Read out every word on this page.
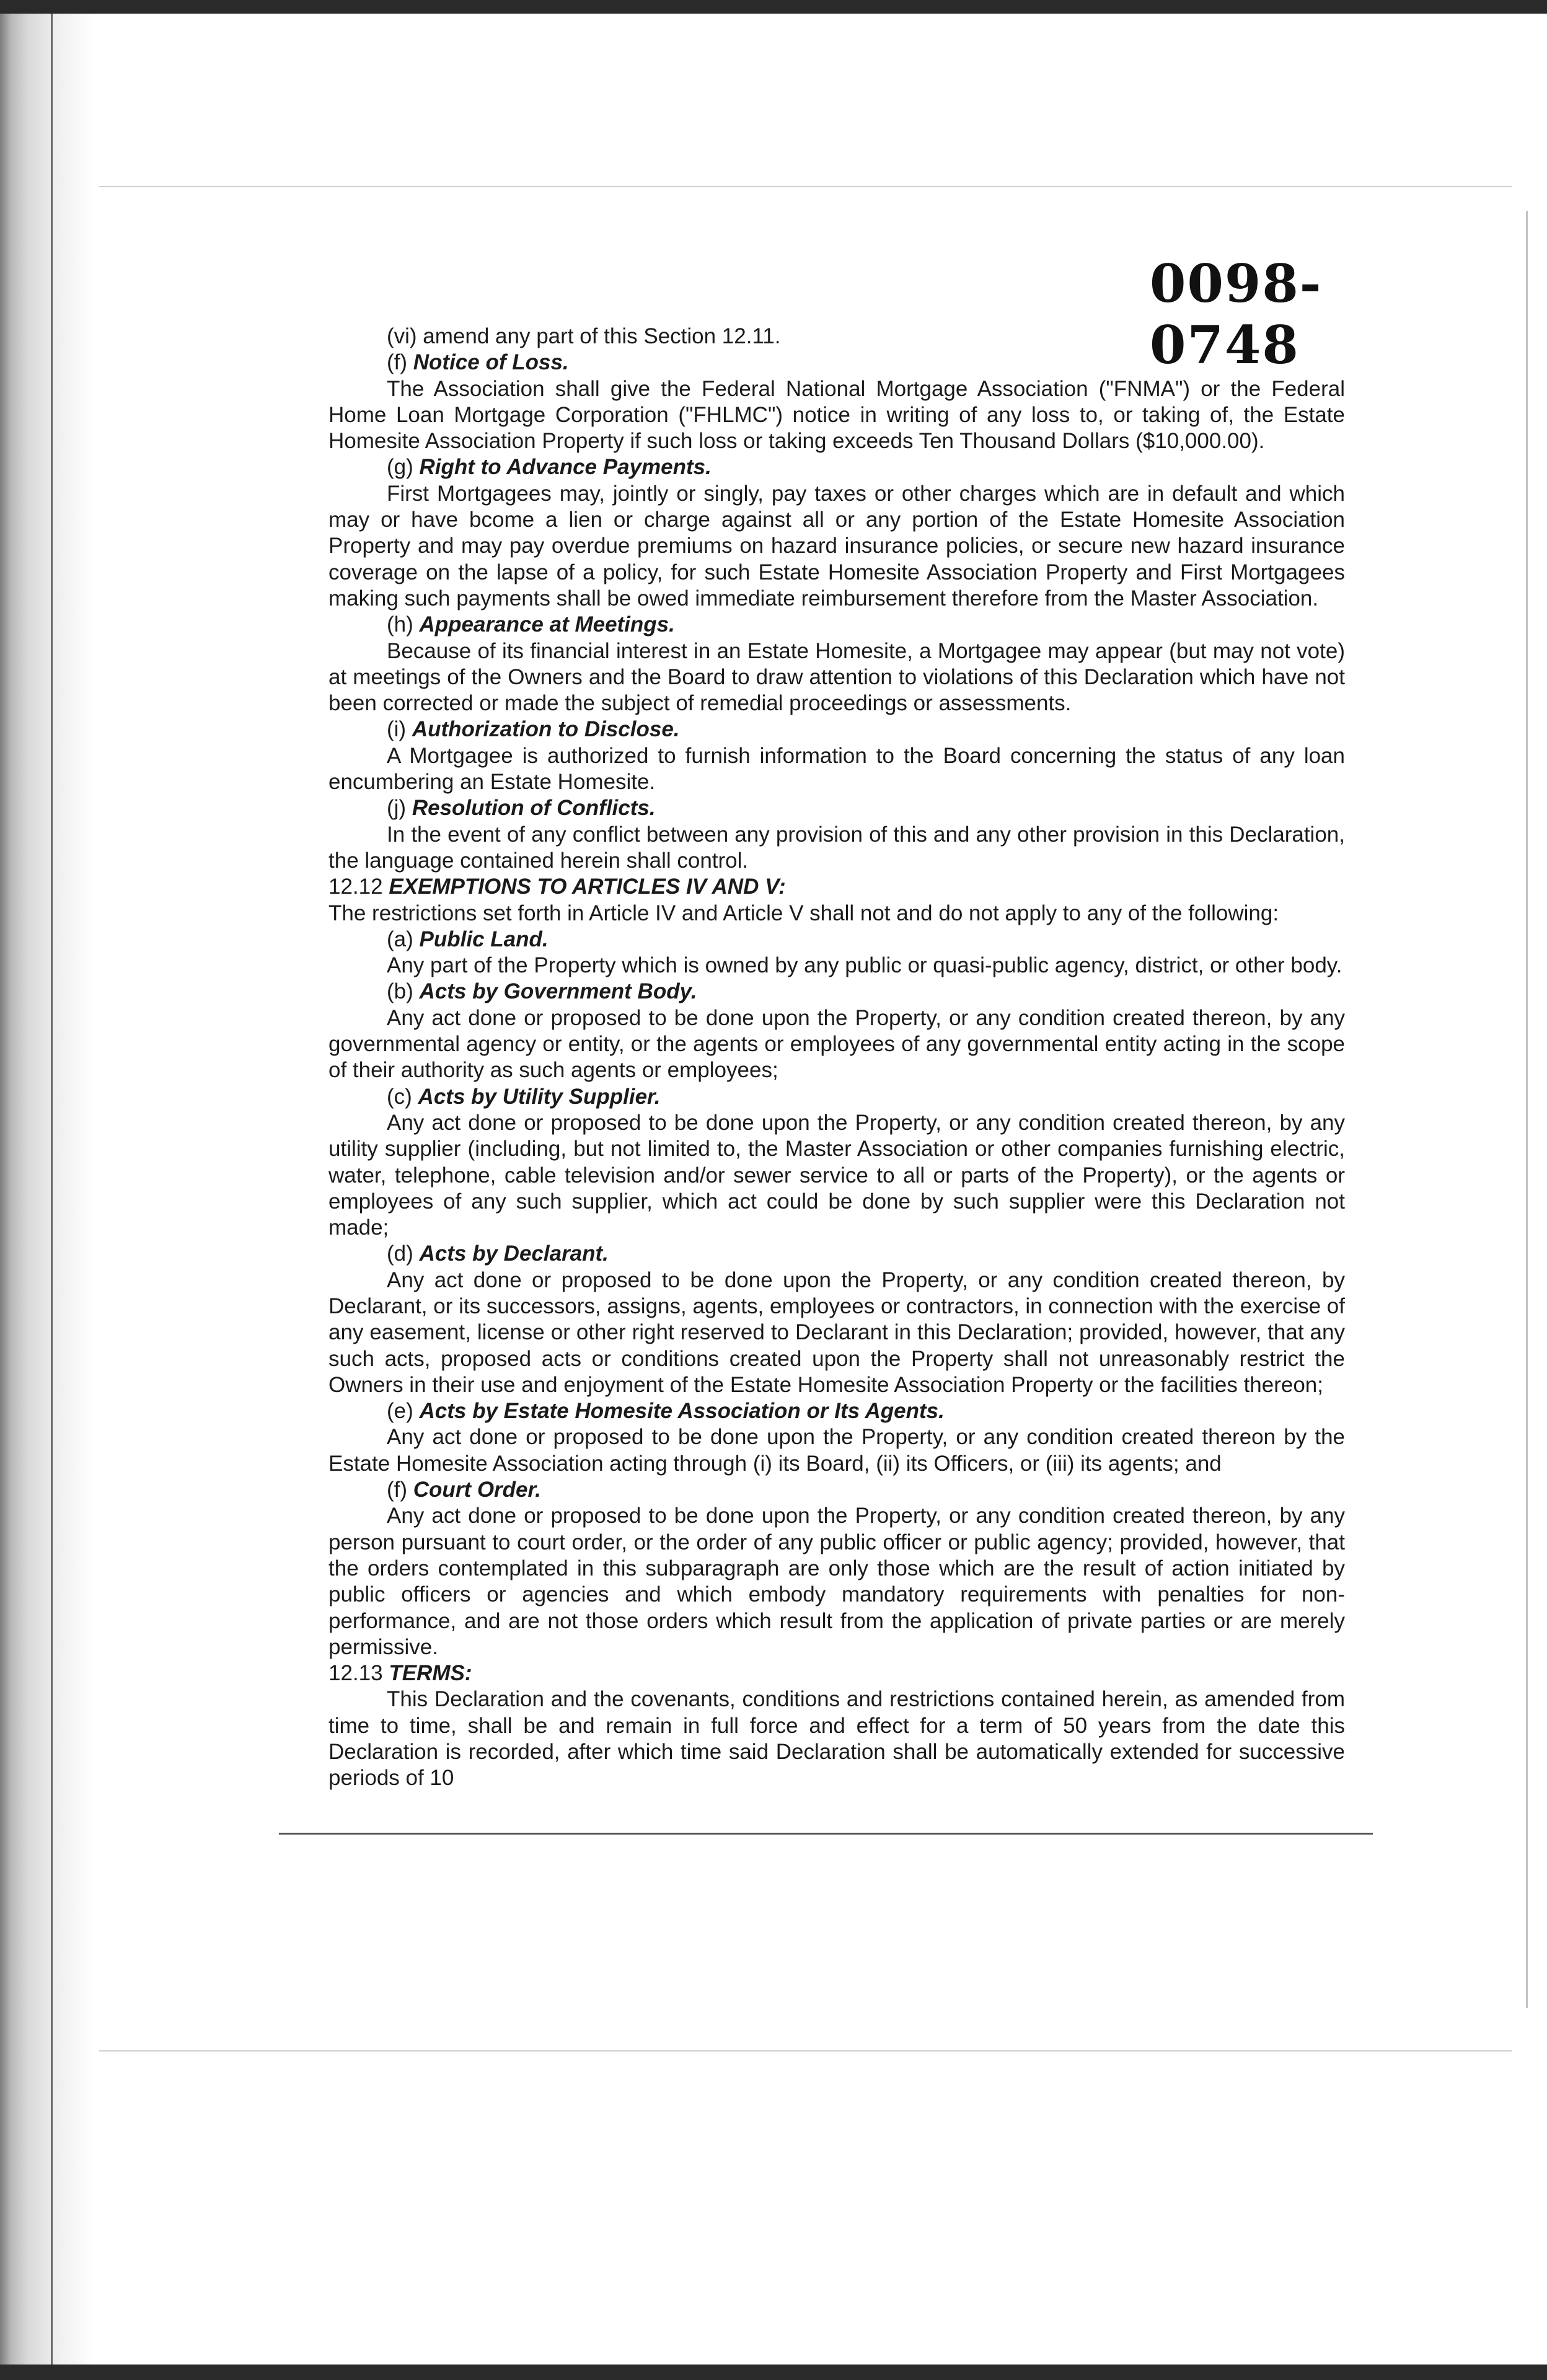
0098-0748

(vi) amend any part of this Section 12.11.

(f) Notice of Loss.

The Association shall give the Federal National Mortgage Association ("FNMA") or the Federal Home Loan Mortgage Corporation ("FHLMC") notice in writing of any loss to, or taking of, the Estate Homesite Association Property if such loss or taking exceeds Ten Thousand Dollars ($10,000.00).

(g) Right to Advance Payments.

First Mortgagees may, jointly or singly, pay taxes or other charges which are in default and which may or have bcome a lien or charge against all or any portion of the Estate Homesite Association Property and may pay overdue premiums on hazard insurance policies, or secure new hazard insurance coverage on the lapse of a policy, for such Estate Homesite Association Property and First Mortgagees making such payments shall be owed immediate reimbursement therefore from the Master Association.

(h) Appearance at Meetings.

Because of its financial interest in an Estate Homesite, a Mortgagee may appear (but may not vote) at meetings of the Owners and the Board to draw attention to violations of this Declaration which have not been corrected or made the subject of remedial proceedings or assessments.

(i) Authorization to Disclose.

A Mortgagee is authorized to furnish information to the Board concerning the status of any loan encumbering an Estate Homesite.

(j) Resolution of Conflicts.

In the event of any conflict between any provision of this and any other provision in this Declaration, the language contained herein shall control.

12.12 EXEMPTIONS TO ARTICLES IV AND V:

The restrictions set forth in Article IV and Article V shall not and do not apply to any of the following:

(a) Public Land.

Any part of the Property which is owned by any public or quasi-public agency, district, or other body.

(b) Acts by Government Body.

Any act done or proposed to be done upon the Property, or any condition created thereon, by any governmental agency or entity, or the agents or employees of any governmental entity acting in the scope of their authority as such agents or employees;

(c) Acts by Utility Supplier.

Any act done or proposed to be done upon the Property, or any condition created thereon, by any utility supplier (including, but not limited to, the Master Association or other companies furnishing electric, water, telephone, cable television and/or sewer service to all or parts of the Property), or the agents or employees of any such supplier, which act could be done by such supplier were this Declaration not made;

(d) Acts by Declarant.

Any act done or proposed to be done upon the Property, or any condition created thereon, by Declarant, or its successors, assigns, agents, employees or contractors, in connection with the exercise of any easement, license or other right reserved to Declarant in this Declaration; provided, however, that any such acts, proposed acts or conditions created upon the Property shall not unreasonably restrict the Owners in their use and enjoyment of the Estate Homesite Association Property or the facilities thereon;

(e) Acts by Estate Homesite Association or Its Agents.

Any act done or proposed to be done upon the Property, or any condition created thereon by the Estate Homesite Association acting through (i) its Board, (ii) its Officers, or (iii) its agents; and

(f) Court Order.

Any act done or proposed to be done upon the Property, or any condition created thereon, by any person pursuant to court order, or the order of any public officer or public agency; provided, however, that the orders contemplated in this subparagraph are only those which are the result of action initiated by public officers or agencies and which embody mandatory requirements with penalties for non-performance, and are not those orders which result from the application of private parties or are merely permissive.

12.13 TERMS:

This Declaration and the covenants, conditions and restrictions contained herein, as amended from time to time, shall be and remain in full force and effect for a term of 50 years from the date this Declaration is recorded, after which time said Declaration shall be automatically extended for successive periods of 10
